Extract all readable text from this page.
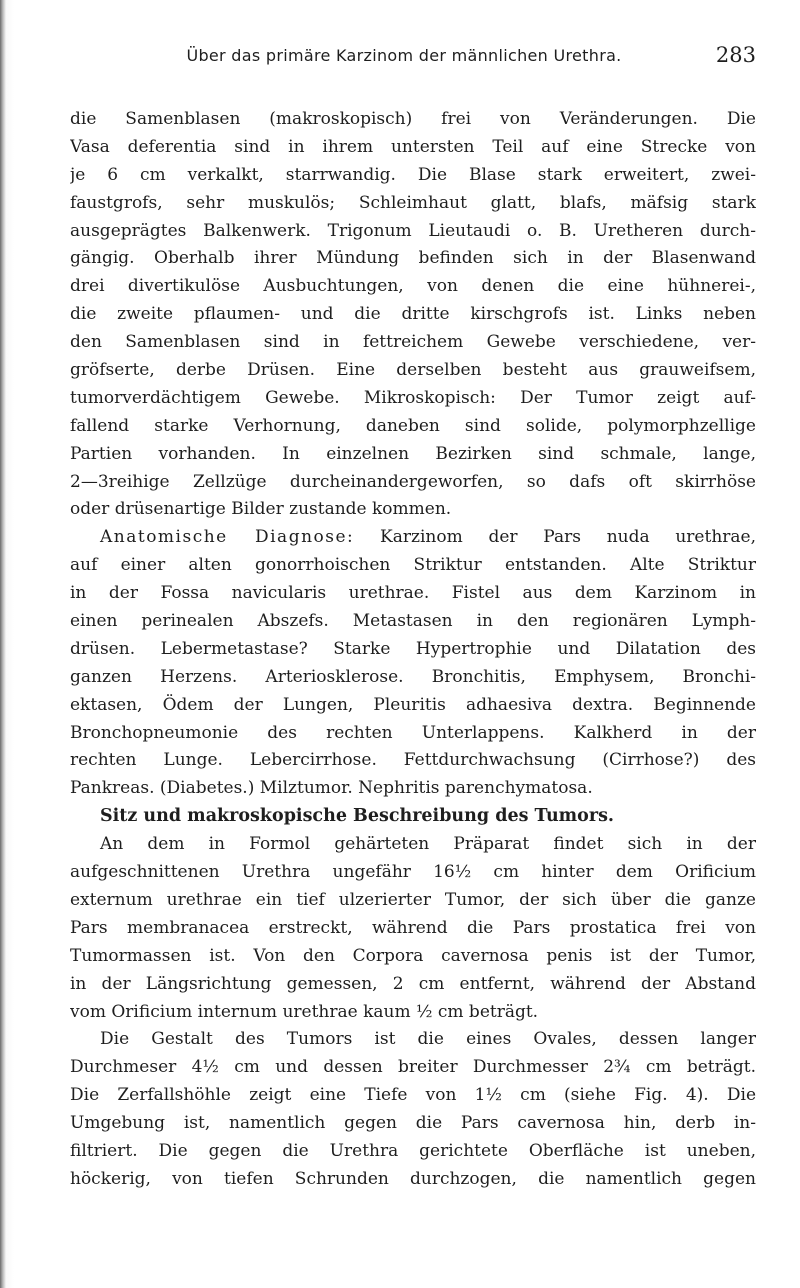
Über das primäre Karzinom der männlichen Urethra.	283
die Samenblasen (makroskopisch) frei von Veränderungen. Die
Vasa deferentia sind in ihrem untersten Teil auf eine Strecke von
je 6 cm verkalkt, starrwandig. Die Blase stark erweitert, zwei-
faustgrofs, sehr muskulös; Schleimhaut glatt, blafs, mäfsig stark
ausgeprägtes Balkenwerk. Trigonum Lieutaudi o. B. Uretheren durch-
gängig. Oberhalb ihrer Mündung befinden sich in der Blasenwand
drei divertikulöse Ausbuchtungen, von denen die eine hühnerei-,
die zweite pflaumen- und die dritte kirschgrofs ist. Links neben
den Samenblasen sind in fettreichem Gewebe verschiedene, ver-
gröfserte, derbe Drüsen. Eine derselben besteht aus grauweifsem,
tumorverdächtigem Gewebe. Mikroskopisch: Der Tumor zeigt auf-
fallend starke Verhornung, daneben sind solide, polymorphzellige
Partien vorhanden. In einzelnen Bezirken sind schmale, lange,
2—3reihige Zellzüge durcheinandergeworfen, so dafs oft skirrhöse
oder drüsenartige Bilder zustande kommen.
Anatomische Diagnose: Karzinom der Pars nuda urethrae,
auf einer alten gonorrhoischen Striktur entstanden. Alte Striktur
in der Fossa navicularis urethrae. Fistel aus dem Karzinom in
einen perinealen Abszefs. Metastasen in den regionären Lymph-
drüsen. Lebermetastase? Starke Hypertrophie und Dilatation des
ganzen Herzens. Arteriosklerose. Bronchitis, Emphysem, Bronchi-
ektasen, Ödem der Lungen, Pleuritis adhaesiva dextra. Beginnende
Bronchopneumonie des rechten Unterlappens. Kalkherd in der
rechten Lunge. Lebercirrhose. Fettdurchwachsung (Cirrhose?) des
Pankreas. (Diabetes.) Milztumor. Nephritis parenchymatosa.
Sitz und makroskopische Beschreibung des Tumors.
An dem in Formol gehärteten Präparat findet sich in der
aufgeschnittenen Urethra ungefähr 16½ cm hinter dem Orificium
externum urethrae ein tief ulzerierter Tumor, der sich über die ganze
Pars membranacea erstreckt, während die Pars prostatica frei von
Tumormassen ist. Von den Corpora cavernosa penis ist der Tumor,
in der Längsrichtung gemessen, 2 cm entfernt, während der Abstand
vom Orificium internum urethrae kaum ½ cm beträgt.
Die Gestalt des Tumors ist die eines Ovales, dessen langer
Durchmeser 4½ cm und dessen breiter Durchmesser 2¾ cm beträgt.
Die Zerfallshöhle zeigt eine Tiefe von 1½ cm (siehe Fig. 4). Die
Umgebung ist, namentlich gegen die Pars cavernosa hin, derb in-
filtriert. Die gegen die Urethra gerichtete Oberfläche ist uneben,
höckerig, von tiefen Schrunden durchzogen, die namentlich gegen
